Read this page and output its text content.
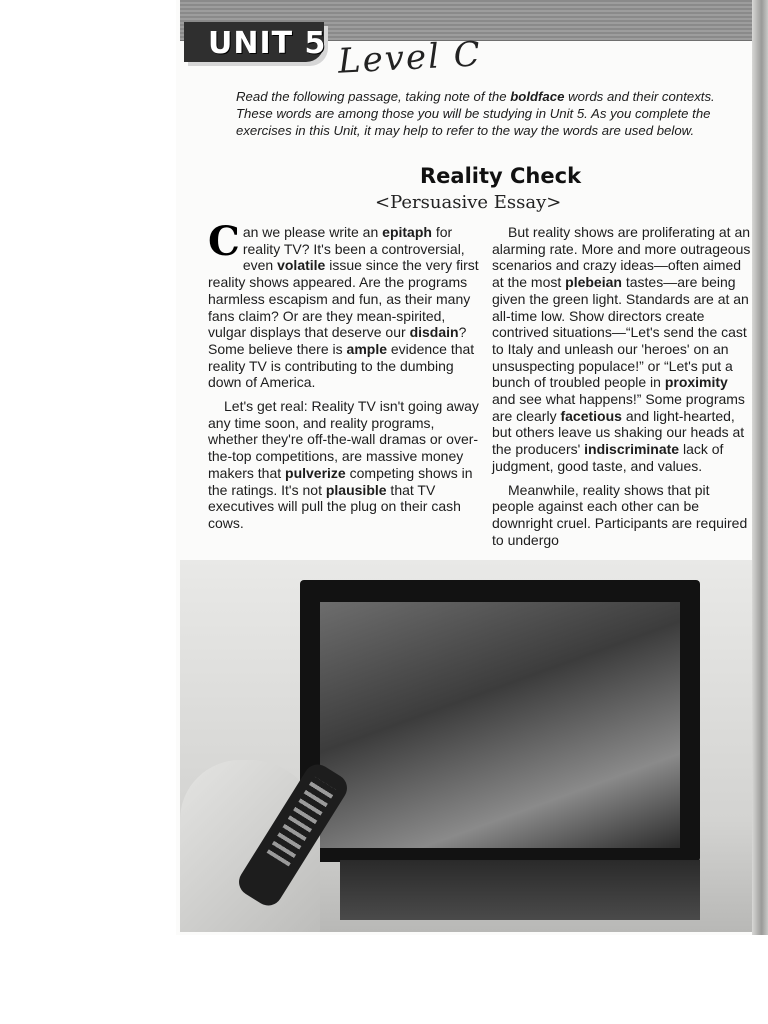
UNIT 5 Level C
Read the following passage, taking note of the boldface words and their contexts. These words are among those you will be studying in Unit 5. As you complete the exercises in this Unit, it may help to refer to the way the words are used below.
Reality Check
<Persuasive Essay>

Can we please write an epitaph for reality TV? It's been a controversial, even volatile issue since the very first reality shows appeared. Are the programs harmless escapism and fun, as their many fans claim? Or are they mean-spirited, vulgar displays that deserve our disdain? Some believe there is ample evidence that reality TV is contributing to the dumbing down of America.

Let's get real: Reality TV isn't going away any time soon, and reality programs, whether they're off-the-wall dramas or over-the-top competitions, are massive money makers that pulverize competing shows in the ratings. It's not plausible that TV executives will pull the plug on their cash cows.

But reality shows are proliferating at an alarming rate. More and more outrageous scenarios and crazy ideas—often aimed at the most plebeian tastes—are being given the green light. Standards are at an all-time low. Show directors create contrived situations—“Let's send the cast to Italy and unleash our 'heroes' on an unsuspecting populace!” or “Let's put a bunch of troubled people in proximity and see what happens!” Some programs are clearly facetious and light-hearted, but others leave us shaking our heads at the producers' indiscriminate lack of judgment, good taste, and values.

Meanwhile, reality shows that pit people against each other can be downright cruel. Participants are required to undergo
